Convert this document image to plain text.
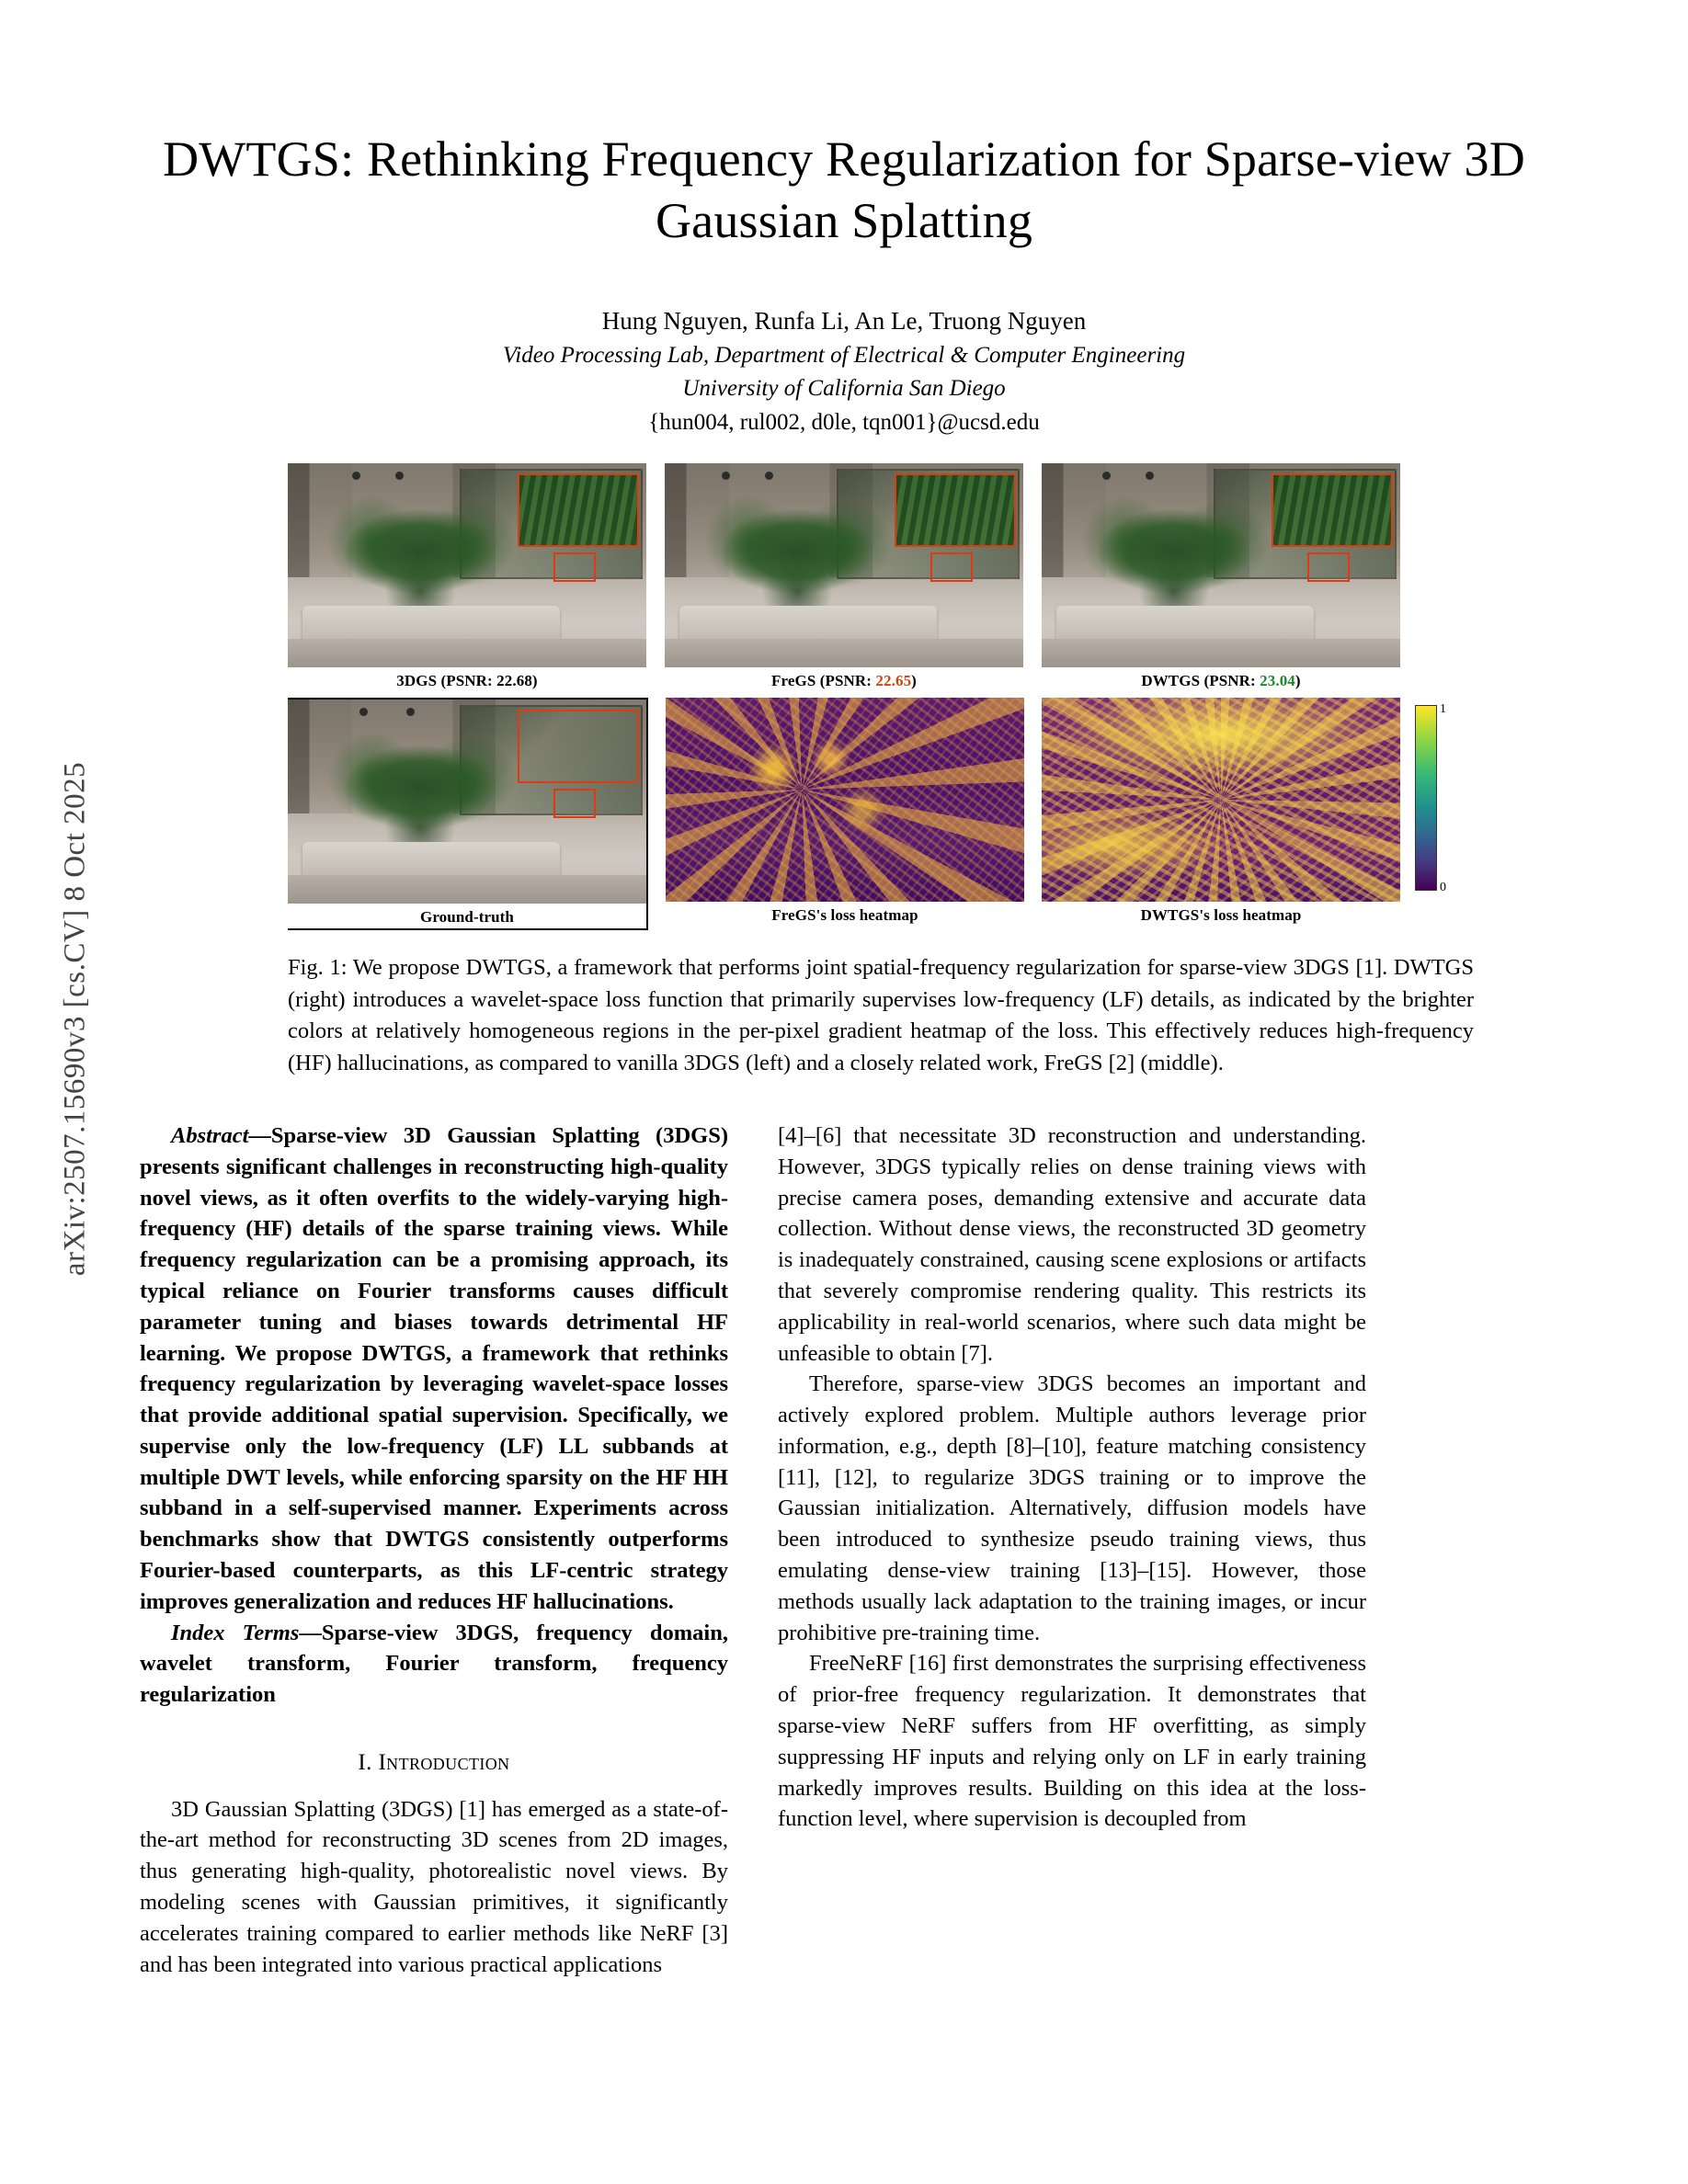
arXiv:2507.15690v3 [cs.CV] 8 Oct 2025
DWTGS: Rethinking Frequency Regularization for Sparse-view 3D Gaussian Splatting
Hung Nguyen, Runfa Li, An Le, Truong Nguyen
Video Processing Lab, Department of Electrical & Computer Engineering
University of California San Diego
{hun004, rul002, d0le, tqn001}@ucsd.edu
3DGS (PSNR: 22.68)	FreGS (PSNR: 22.65)	DWTGS (PSNR: 23.04)
Ground-truth	FreGS's loss heatmap
1
0
DWTGS's loss heatmap
Fig. 1: We propose DWTGS, a framework that performs joint spatial-frequency regularization for sparse-view 3DGS [1]. DWTGS (right) introduces a wavelet-space loss function that primarily supervises low-frequency (LF) details, as indicated by the brighter colors at relatively homogeneous regions in the per-pixel gradient heatmap of the loss. This effectively reduces high-frequency (HF) hallucinations, as compared to vanilla 3DGS (left) and a closely related work, FreGS [2] (middle).

Abstract—Sparse-view 3D Gaussian Splatting (3DGS) presents significant challenges in reconstructing high-quality novel views, as it often overfits to the widely-varying high-frequency (HF) details of the sparse training views. While frequency regularization can be a promising approach, its typical reliance on Fourier transforms causes difficult parameter tuning and biases towards detrimental HF learning. We propose DWTGS, a framework that rethinks frequency regularization by leveraging wavelet-space losses that provide additional spatial supervision. Specifically, we supervise only the low-frequency (LF) LL subbands at multiple DWT levels, while enforcing sparsity on the HF HH subband in a self-supervised manner. Experiments across benchmarks show that DWTGS consistently outperforms Fourier-based counterparts, as this LF-centric strategy improves generalization and reduces HF hallucinations.

Index Terms—Sparse-view 3DGS, frequency domain, wavelet transform, Fourier transform, frequency regularization

I. Introduction

3D Gaussian Splatting (3DGS) [1] has emerged as a state-of-the-art method for reconstructing 3D scenes from 2D images, thus generating high-quality, photorealistic novel views. By modeling scenes with Gaussian primitives, it significantly accelerates training compared to earlier methods like NeRF [3] and has been integrated into various practical applications

[4]–[6] that necessitate 3D reconstruction and understanding. However, 3DGS typically relies on dense training views with precise camera poses, demanding extensive and accurate data collection. Without dense views, the reconstructed 3D geometry is inadequately constrained, causing scene explosions or artifacts that severely compromise rendering quality. This restricts its applicability in real-world scenarios, where such data might be unfeasible to obtain [7].

Therefore, sparse-view 3DGS becomes an important and actively explored problem. Multiple authors leverage prior information, e.g., depth [8]–[10], feature matching consistency [11], [12], to regularize 3DGS training or to improve the Gaussian initialization. Alternatively, diffusion models have been introduced to synthesize pseudo training views, thus emulating dense-view training [13]–[15]. However, those methods usually lack adaptation to the training images, or incur prohibitive pre-training time.

FreeNeRF [16] first demonstrates the surprising effectiveness of prior-free frequency regularization. It demonstrates that sparse-view NeRF suffers from HF overfitting, as simply suppressing HF inputs and relying only on LF in early training markedly improves results. Building on this idea at the loss-function level, where supervision is decoupled from
